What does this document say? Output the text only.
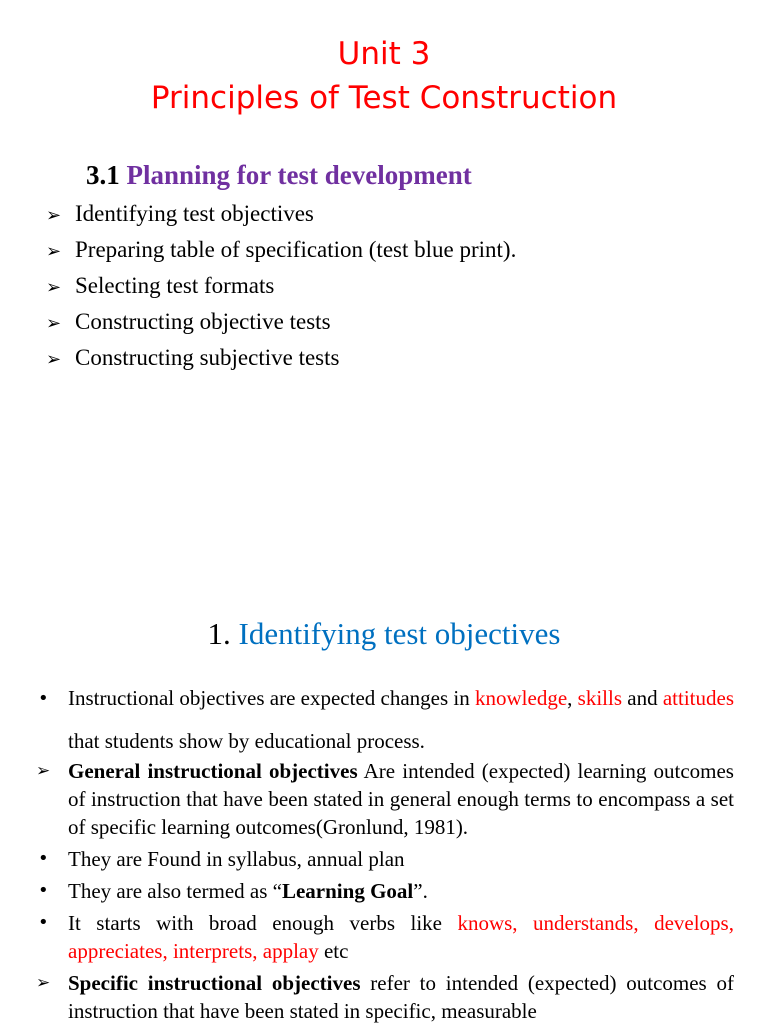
Unit 3
Principles of Test Construction
3.1 Planning for test development
➢ Identifying test objectives
➢ Preparing table of specification (test blue print).
➢ Selecting test formats
➢ Constructing objective tests
➢ Constructing subjective tests
1. Identifying test objectives
• Instructional objectives are expected changes in knowledge, skills and attitudes that students show by educational process.
➢ General instructional objectives Are intended (expected) learning outcomes of instruction that have been stated in general enough terms to encompass a set of specific learning outcomes(Gronlund, 1981).
• They are Found in syllabus, annual plan
• They are also termed as “Learning Goal”.
• It starts with broad enough verbs like knows, understands, develops, appreciates, interprets, applay etc
➢ Specific instructional objectives refer to intended (expected) outcomes of instruction that have been stated in specific, measurable
